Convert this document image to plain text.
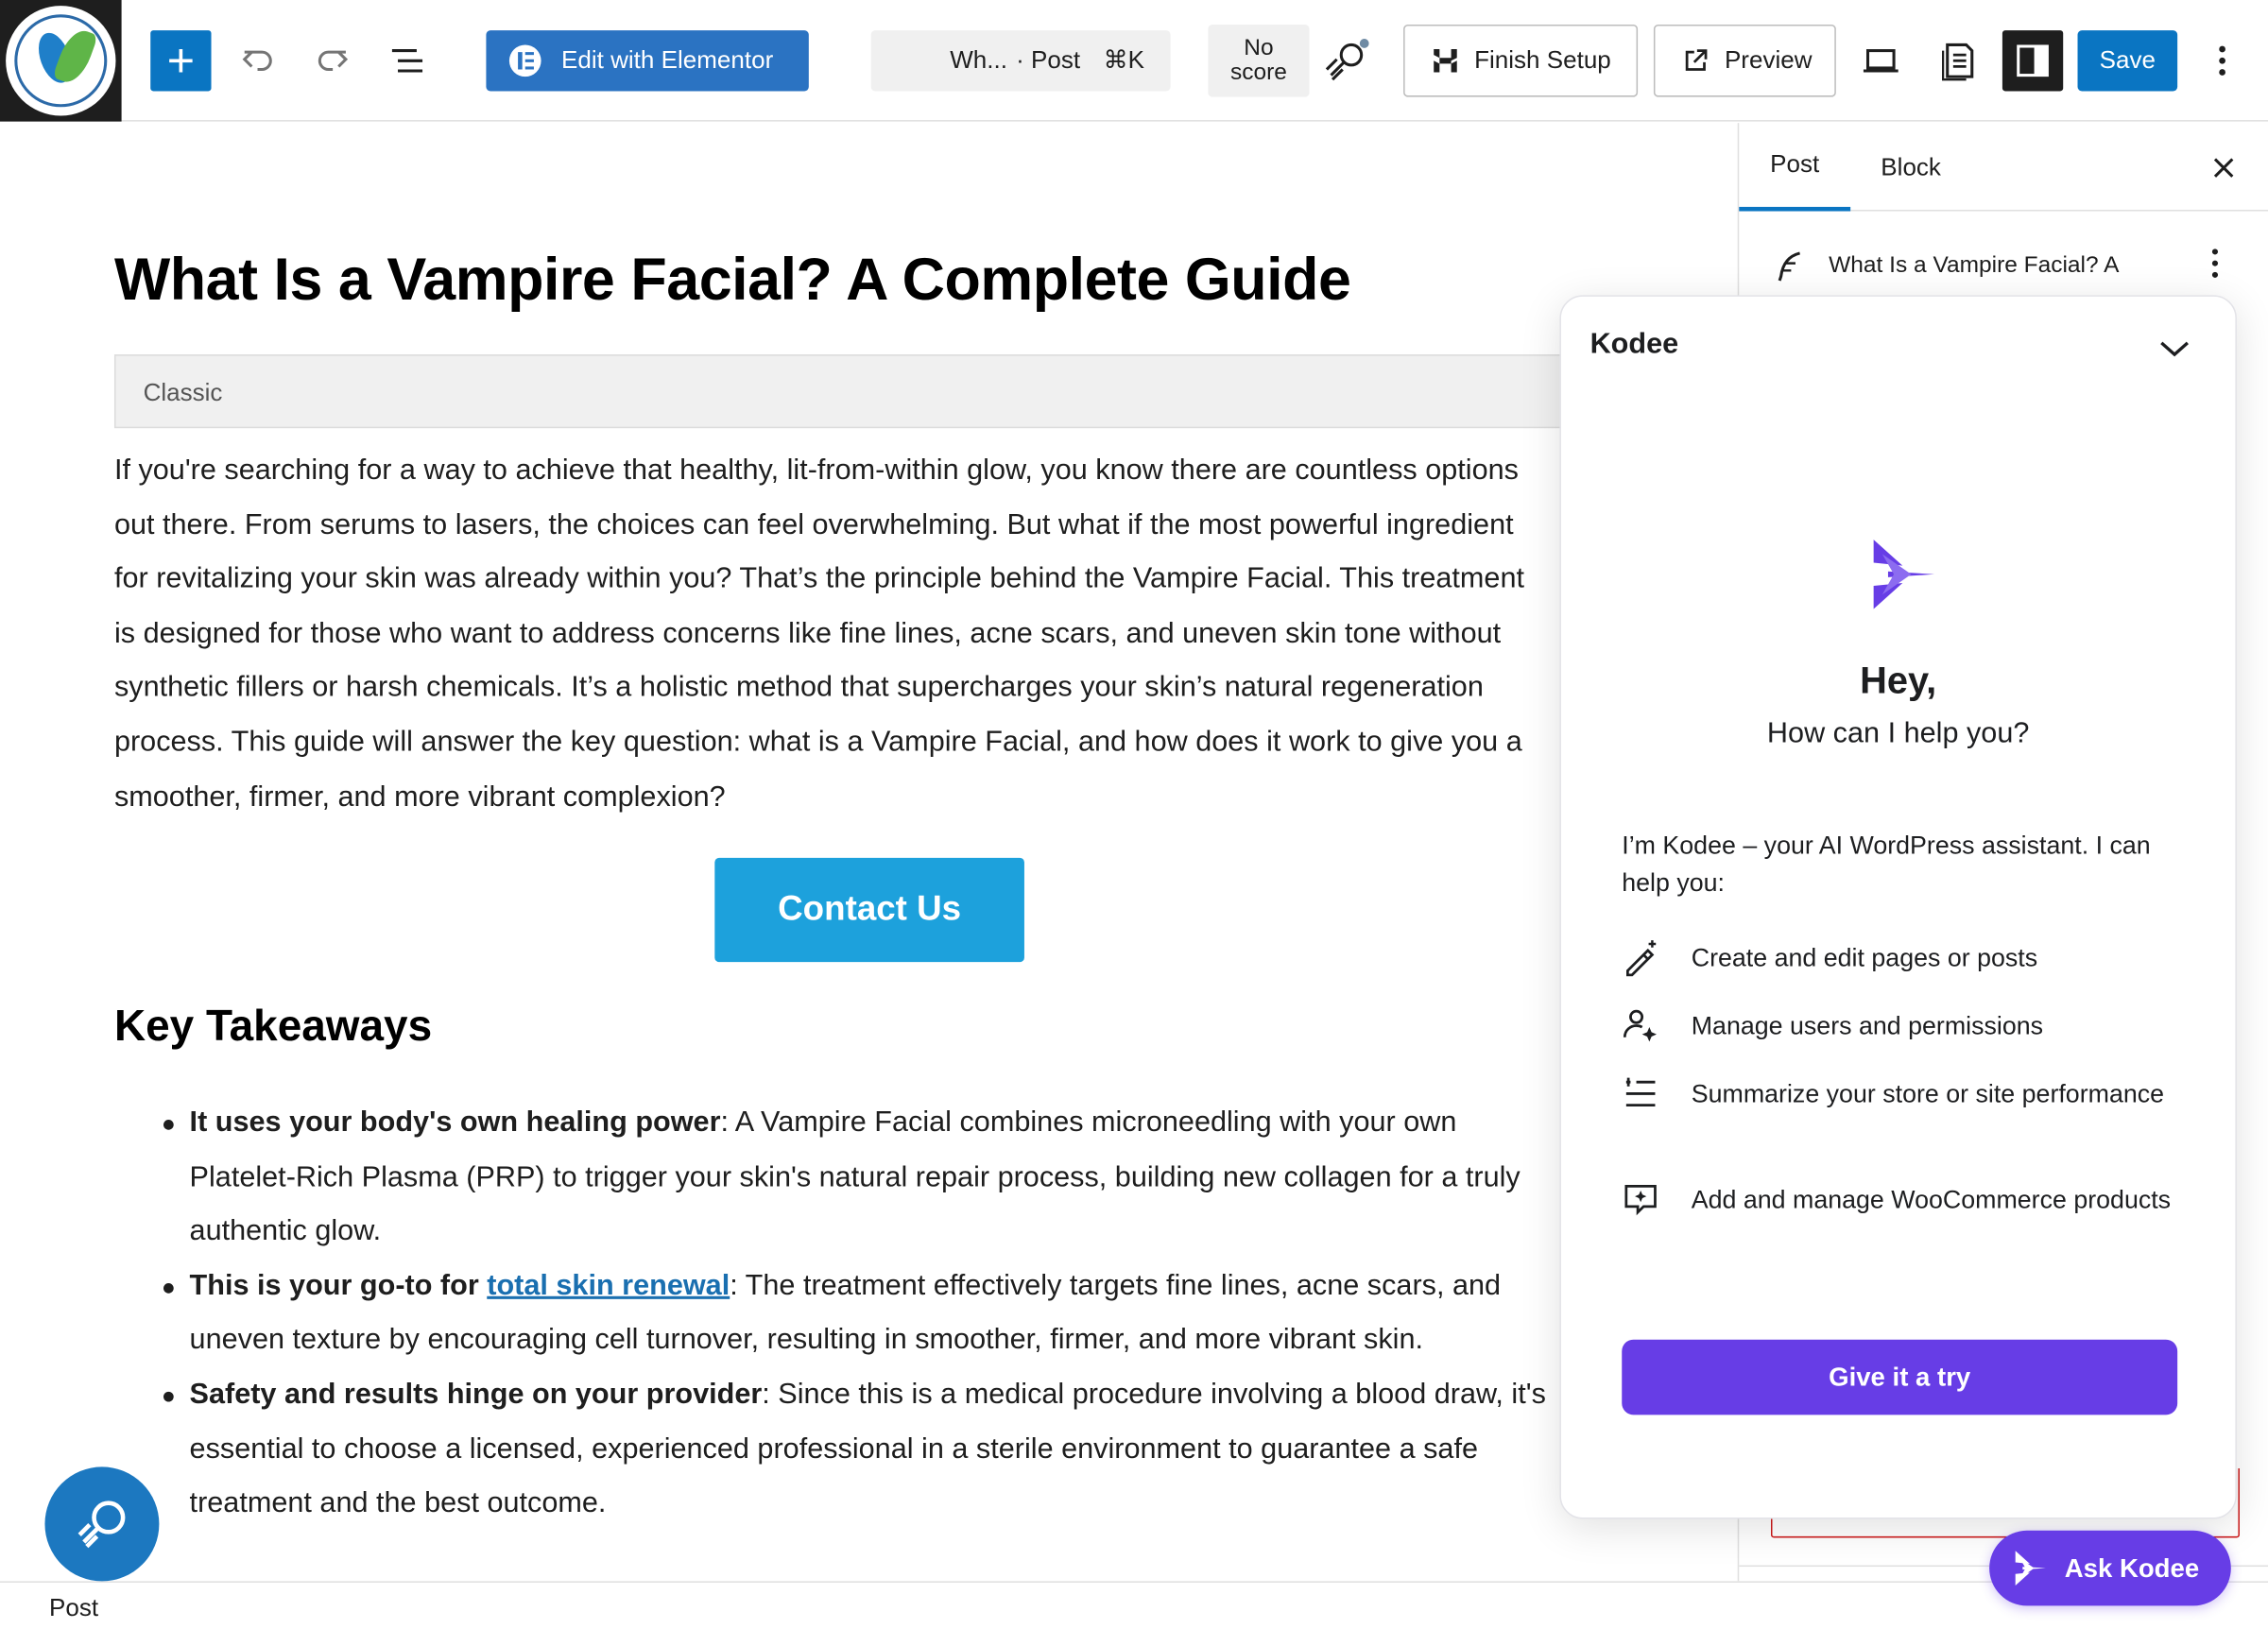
Edit with Elementor	Wh... · Post ⌘K	No
score	Finish Setup	Preview	Save
What Is a Vampire Facial? A Complete Guide
Classic
If you're searching for a way to achieve that healthy, lit-from-within glow, you know there are countless options
out there. From serums to lasers, the choices can feel overwhelming. But what if the most powerful ingredient
for revitalizing your skin was already within you? That’s the principle behind the Vampire Facial. This treatment
is designed for those who want to address concerns like fine lines, acne scars, and uneven skin tone without
synthetic fillers or harsh chemicals. It’s a holistic method that supercharges your skin’s natural regeneration
process. This guide will answer the key question: what is a Vampire Facial, and how does it work to give you a
smoother, firmer, and more vibrant complexion?
Contact Us
Key Takeaways
It uses your body's own healing power: A Vampire Facial combines microneedling with your own
Platelet-Rich Plasma (PRP) to trigger your skin's natural repair process, building new collagen for a truly
authentic glow.
This is your go-to for total skin renewal: The treatment effectively targets fine lines, acne scars, and
uneven texture by encouraging cell turnover, resulting in smoother, firmer, and more vibrant skin.
Safety and results hinge on your provider: Since this is a medical procedure involving a blood draw, it's
essential to choose a licensed, experienced professional in a sterile environment to guarantee a safe
treatment and the best outcome.
Post	Block
What Is a Vampire Facial? A
Kodee
Hey,
How can I help you?
I’m Kodee – your AI WordPress assistant. I can help you:
Create and edit pages or posts
Manage users and permissions
Summarize your store or site performance
Add and manage WooCommerce products
Give it a try
Ask Kodee
Post
